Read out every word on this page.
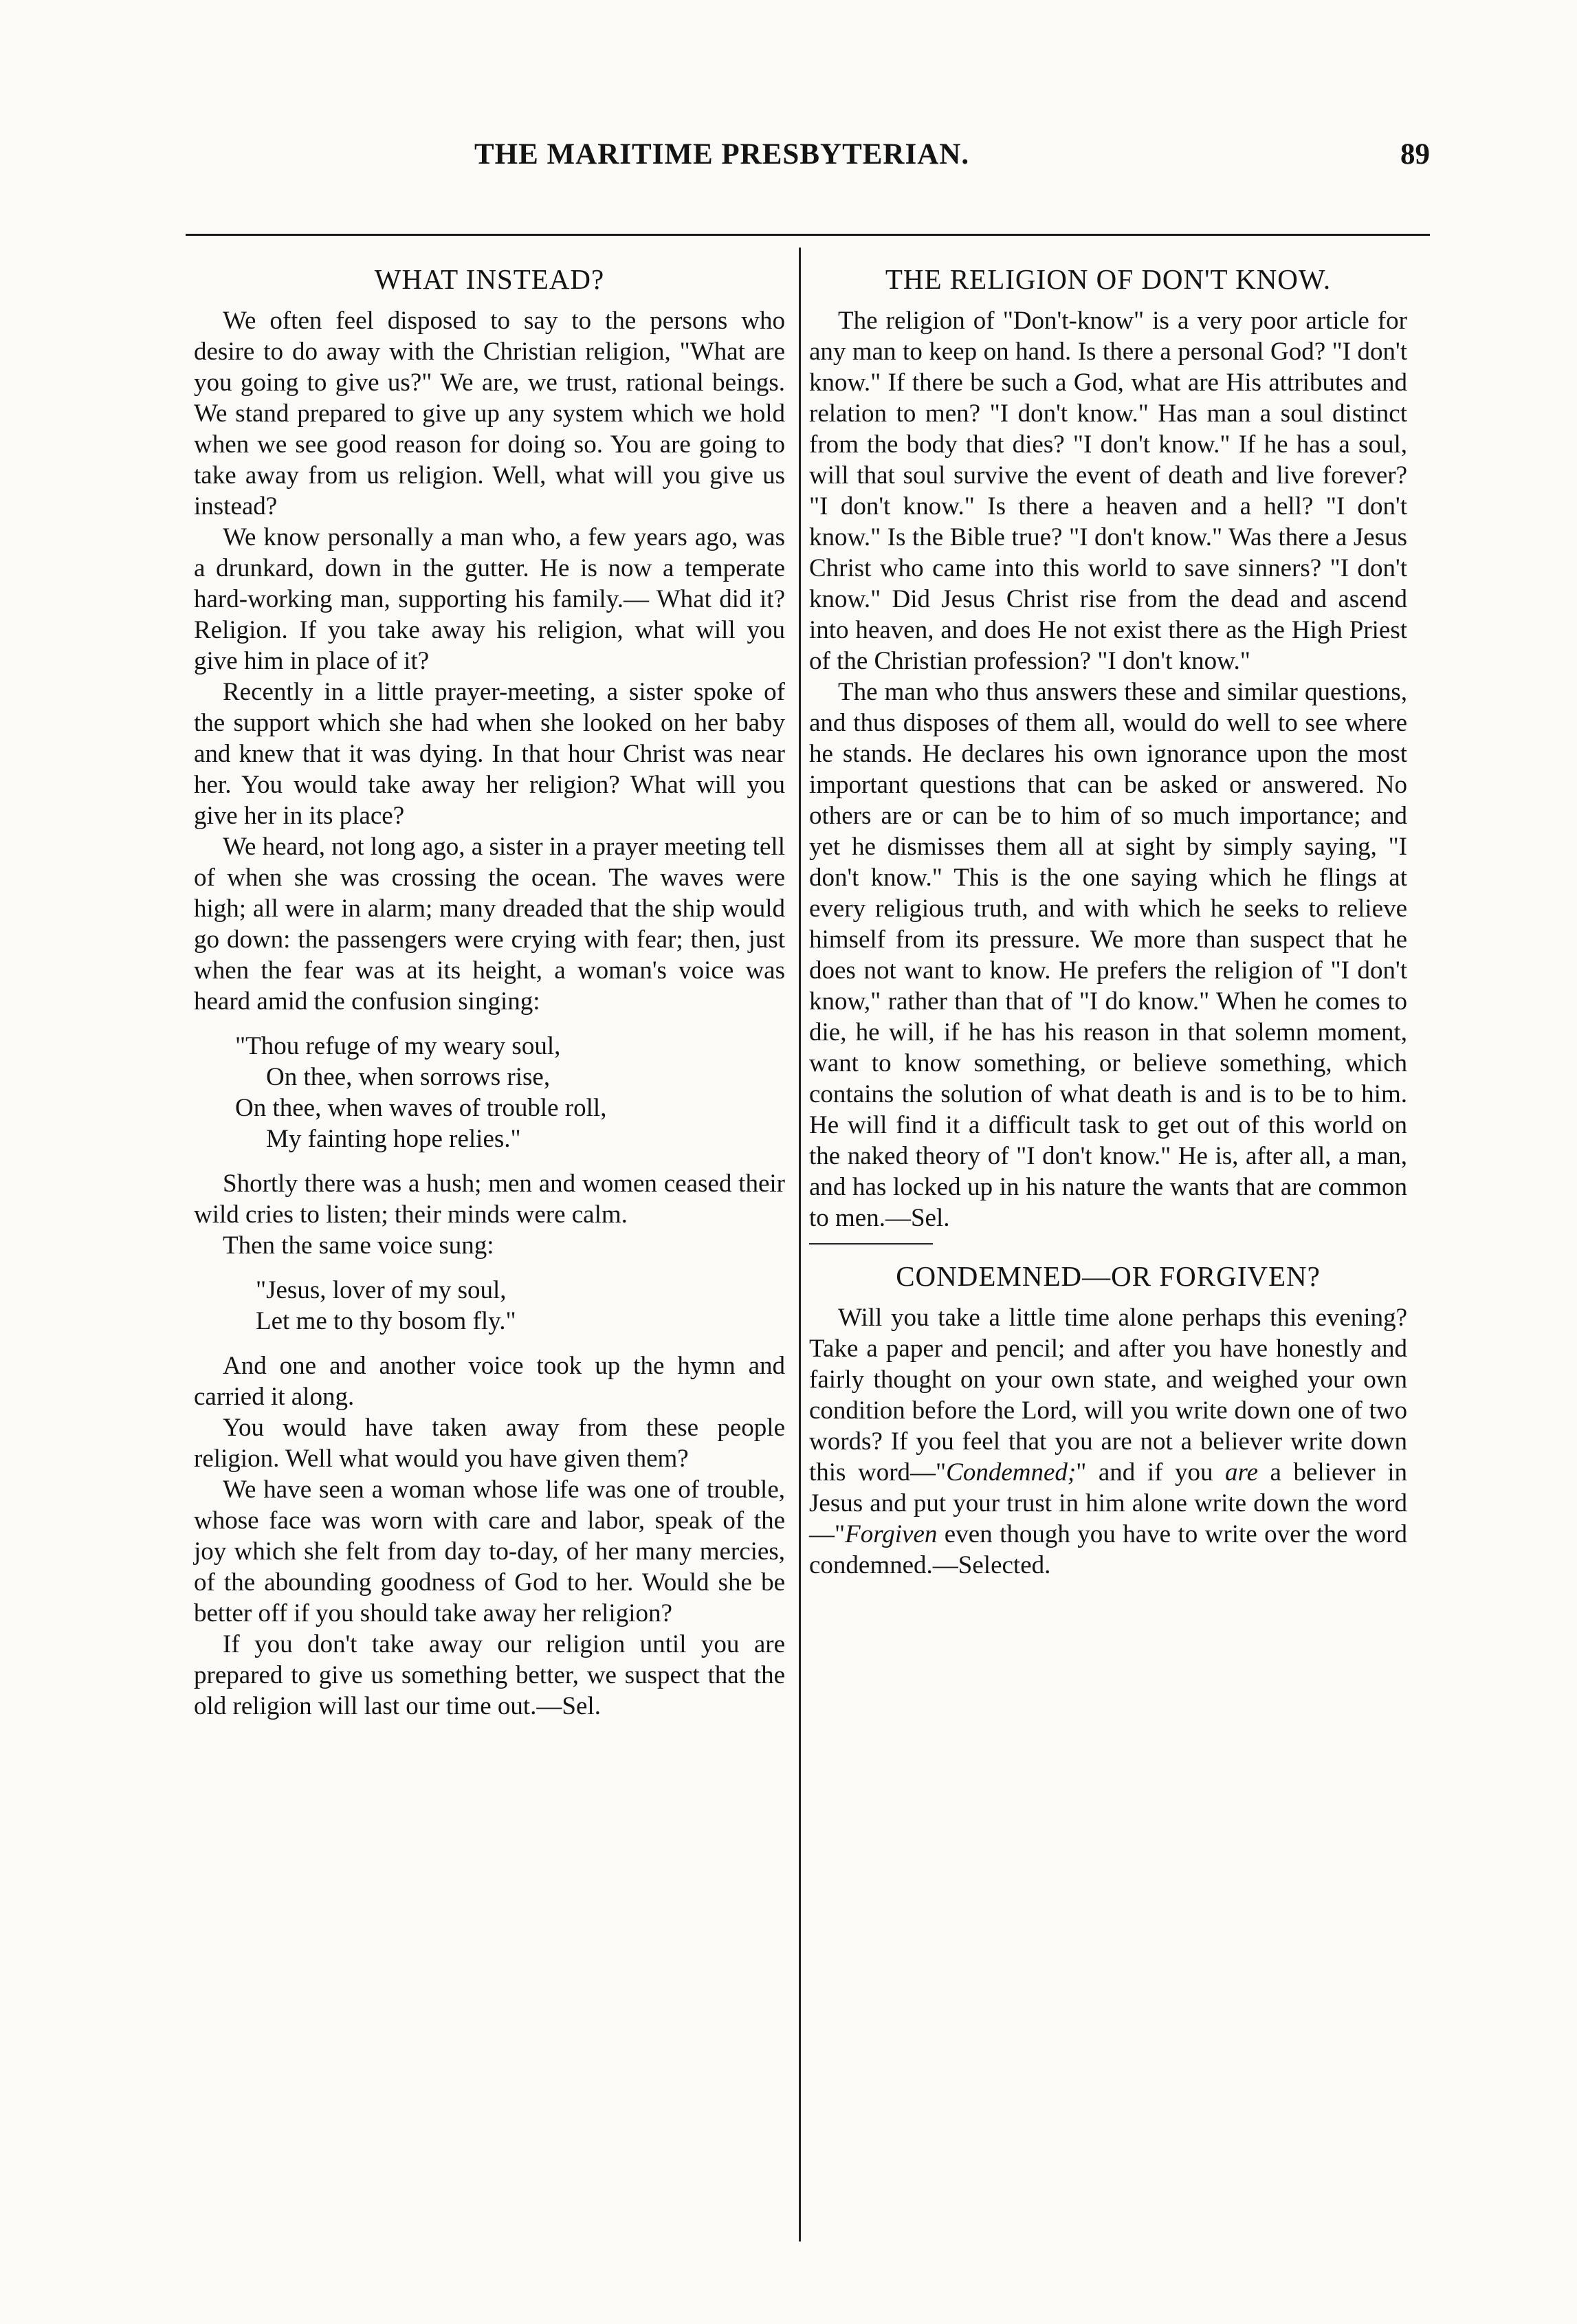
THE MARITIME PRESBYTERIAN.	89
WHAT INSTEAD?

We often feel disposed to say to the persons who desire to do away with the Christian religion, "What are you going to give us?" We are, we trust, rational beings. We stand prepared to give up any system which we hold when we see good reason for doing so. You are going to take away from us religion. Well, what will you give us instead?

We know personally a man who, a few years ago, was a drunkard, down in the gutter. He is now a temperate hard-working man, supporting his family.— What did it? Religion. If you take away his religion, what will you give him in place of it?

Recently in a little prayer-meeting, a sister spoke of the support which she had when she looked on her baby and knew that it was dying. In that hour Christ was near her. You would take away her religion? What will you give her in its place?

We heard, not long ago, a sister in a prayer meeting tell of when she was crossing the ocean. The waves were high; all were in alarm; many dreaded that the ship would go down: the passengers were crying with fear; then, just when the fear was at its height, a woman's voice was heard amid the confusion singing:

"Thou refuge of my weary soul,
On thee, when sorrows rise,
On thee, when waves of trouble roll,
My fainting hope relies."

Shortly there was a hush; men and women ceased their wild cries to listen; their minds were calm.

Then the same voice sung:

"Jesus, lover of my soul,
Let me to thy bosom fly."

And one and another voice took up the hymn and carried it along.

You would have taken away from these people religion. Well what would you have given them?

We have seen a woman whose life was one of trouble, whose face was worn with care and labor, speak of the joy which she felt from day to-day, of her many mercies, of the abounding goodness of God to her. Would she be better off if you should take away her religion?

If you don't take away our religion until you are prepared to give us something better, we suspect that the old religion will last our time out.—Sel.

THE RELIGION OF DON'T KNOW.

The religion of "Don't-know" is a very poor article for any man to keep on hand. Is there a personal God? "I don't know." If there be such a God, what are His attributes and relation to men? "I don't know." Has man a soul distinct from the body that dies? "I don't know." If he has a soul, will that soul survive the event of death and live forever? "I don't know." Is there a heaven and a hell? "I don't know." Is the Bible true? "I don't know." Was there a Jesus Christ who came into this world to save sinners? "I don't know." Did Jesus Christ rise from the dead and ascend into heaven, and does He not exist there as the High Priest of the Christian profession? "I don't know."

The man who thus answers these and similar questions, and thus disposes of them all, would do well to see where he stands. He declares his own ignorance upon the most important questions that can be asked or answered. No others are or can be to him of so much importance; and yet he dismisses them all at sight by simply saying, "I don't know." This is the one saying which he flings at every religious truth, and with which he seeks to relieve himself from its pressure. We more than suspect that he does not want to know. He prefers the religion of "I don't know," rather than that of "I do know." When he comes to die, he will, if he has his reason in that solemn moment, want to know something, or believe something, which contains the solution of what death is and is to be to him. He will find it a difficult task to get out of this world on the naked theory of "I don't know." He is, after all, a man, and has locked up in his nature the wants that are common to men.—Sel.

CONDEMNED—OR FORGIVEN?

Will you take a little time alone perhaps this evening? Take a paper and pencil; and after you have honestly and fairly thought on your own state, and weighed your own condition before the Lord, will you write down one of two words? If you feel that you are not a believer write down this word—"Condemned;" and if you are a believer in Jesus and put your trust in him alone write down the word—"Forgiven even though you have to write over the word condemned.—Selected.
